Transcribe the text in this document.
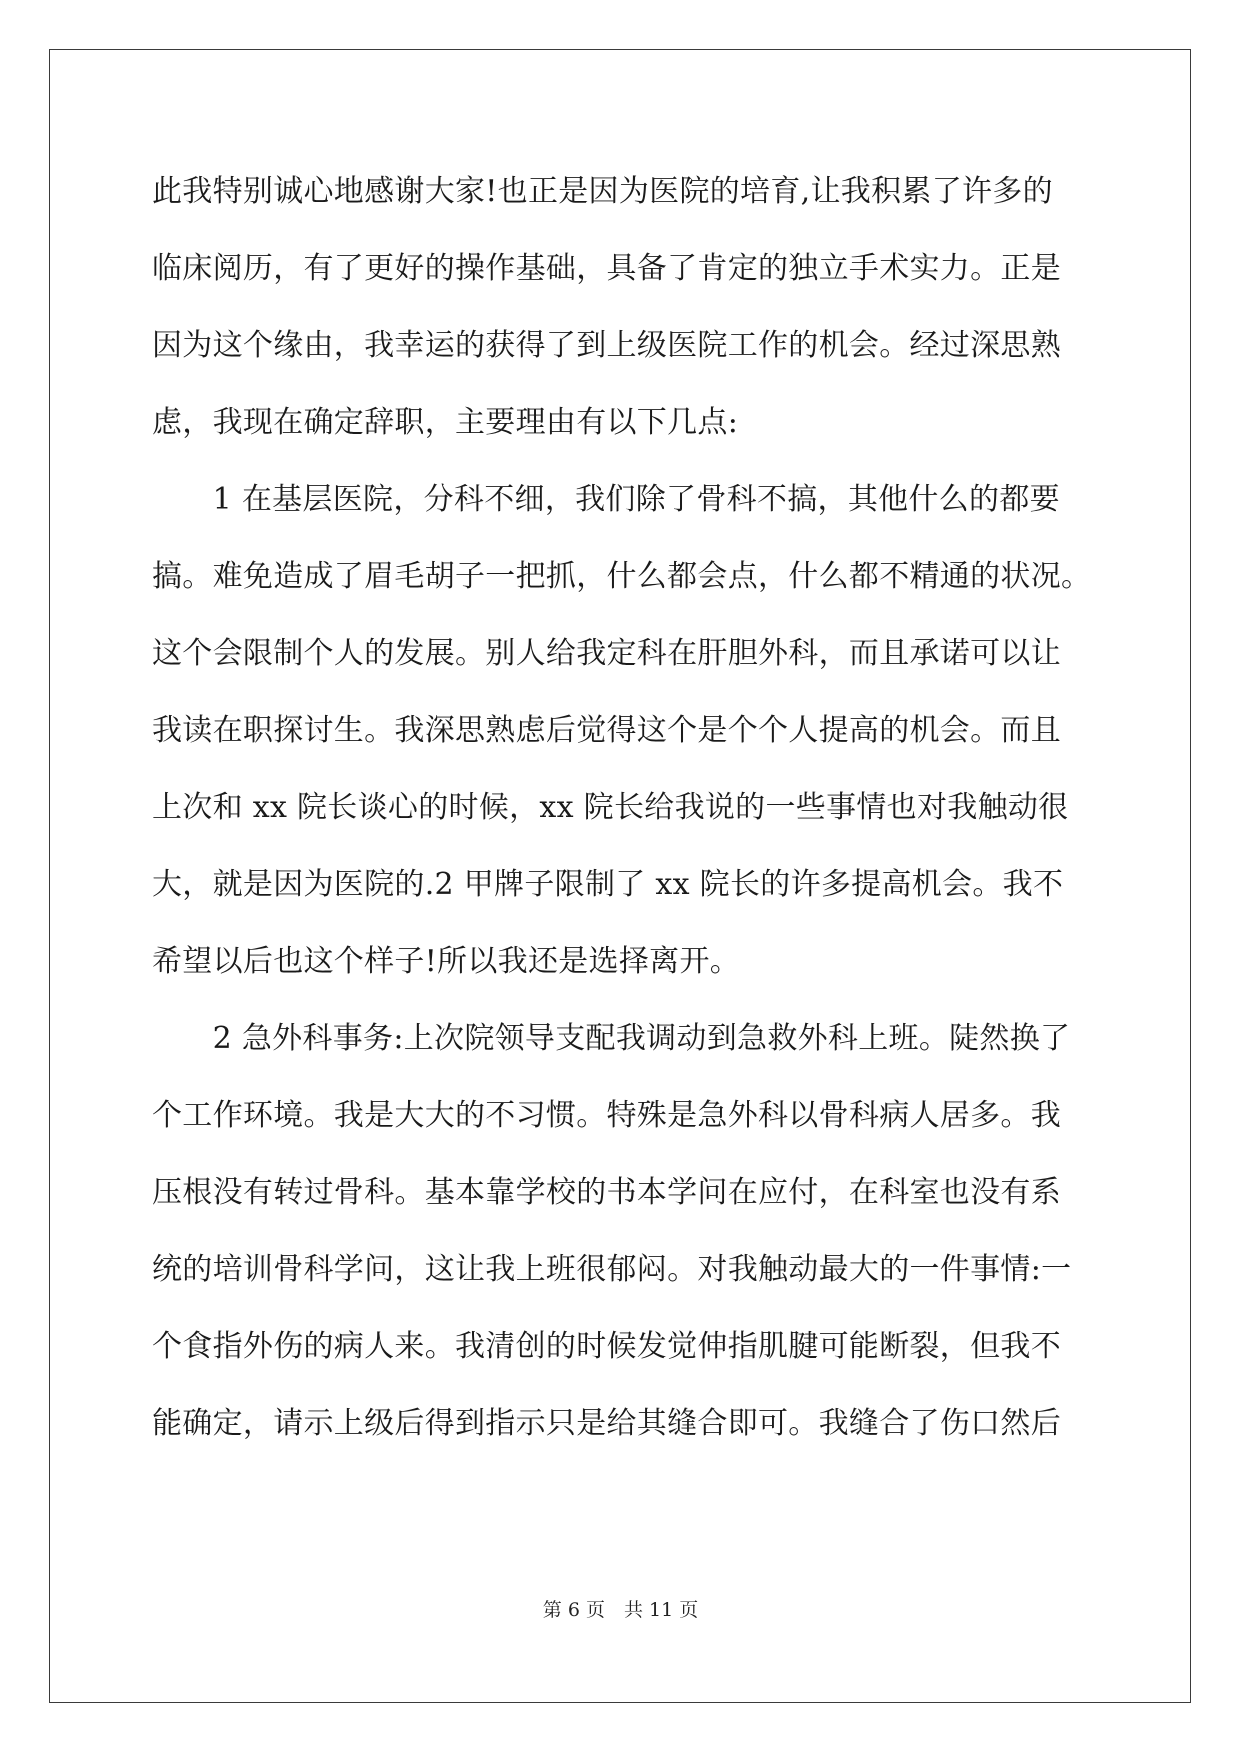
此我特别诚心地感谢大家!也正是因为医院的培育,让我积累了许多的
临床阅历，有了更好的操作基础，具备了肯定的独立手术实力。正是
因为这个缘由，我幸运的获得了到上级医院工作的机会。经过深思熟
虑，我现在确定辞职，主要理由有以下几点:
　　1 在基层医院，分科不细，我们除了骨科不搞，其他什么的都要
搞。难免造成了眉毛胡子一把抓，什么都会点，什么都不精通的状况。
这个会限制个人的发展。别人给我定科在肝胆外科，而且承诺可以让
我读在职探讨生。我深思熟虑后觉得这个是个个人提高的机会。而且
上次和 xx 院长谈心的时候，xx 院长给我说的一些事情也对我触动很
大，就是因为医院的.2 甲牌子限制了 xx 院长的许多提高机会。我不
希望以后也这个样子!所以我还是选择离开。
　　2 急外科事务:上次院领导支配我调动到急救外科上班。陡然换了
个工作环境。我是大大的不习惯。特殊是急外科以骨科病人居多。我
压根没有转过骨科。基本靠学校的书本学问在应付，在科室也没有系
统的培训骨科学问，这让我上班很郁闷。对我触动最大的一件事情:一
个食指外伤的病人来。我清创的时候发觉伸指肌腱可能断裂，但我不
能确定，请示上级后得到指示只是给其缝合即可。我缝合了伤口然后
第 6 页　共 11 页
